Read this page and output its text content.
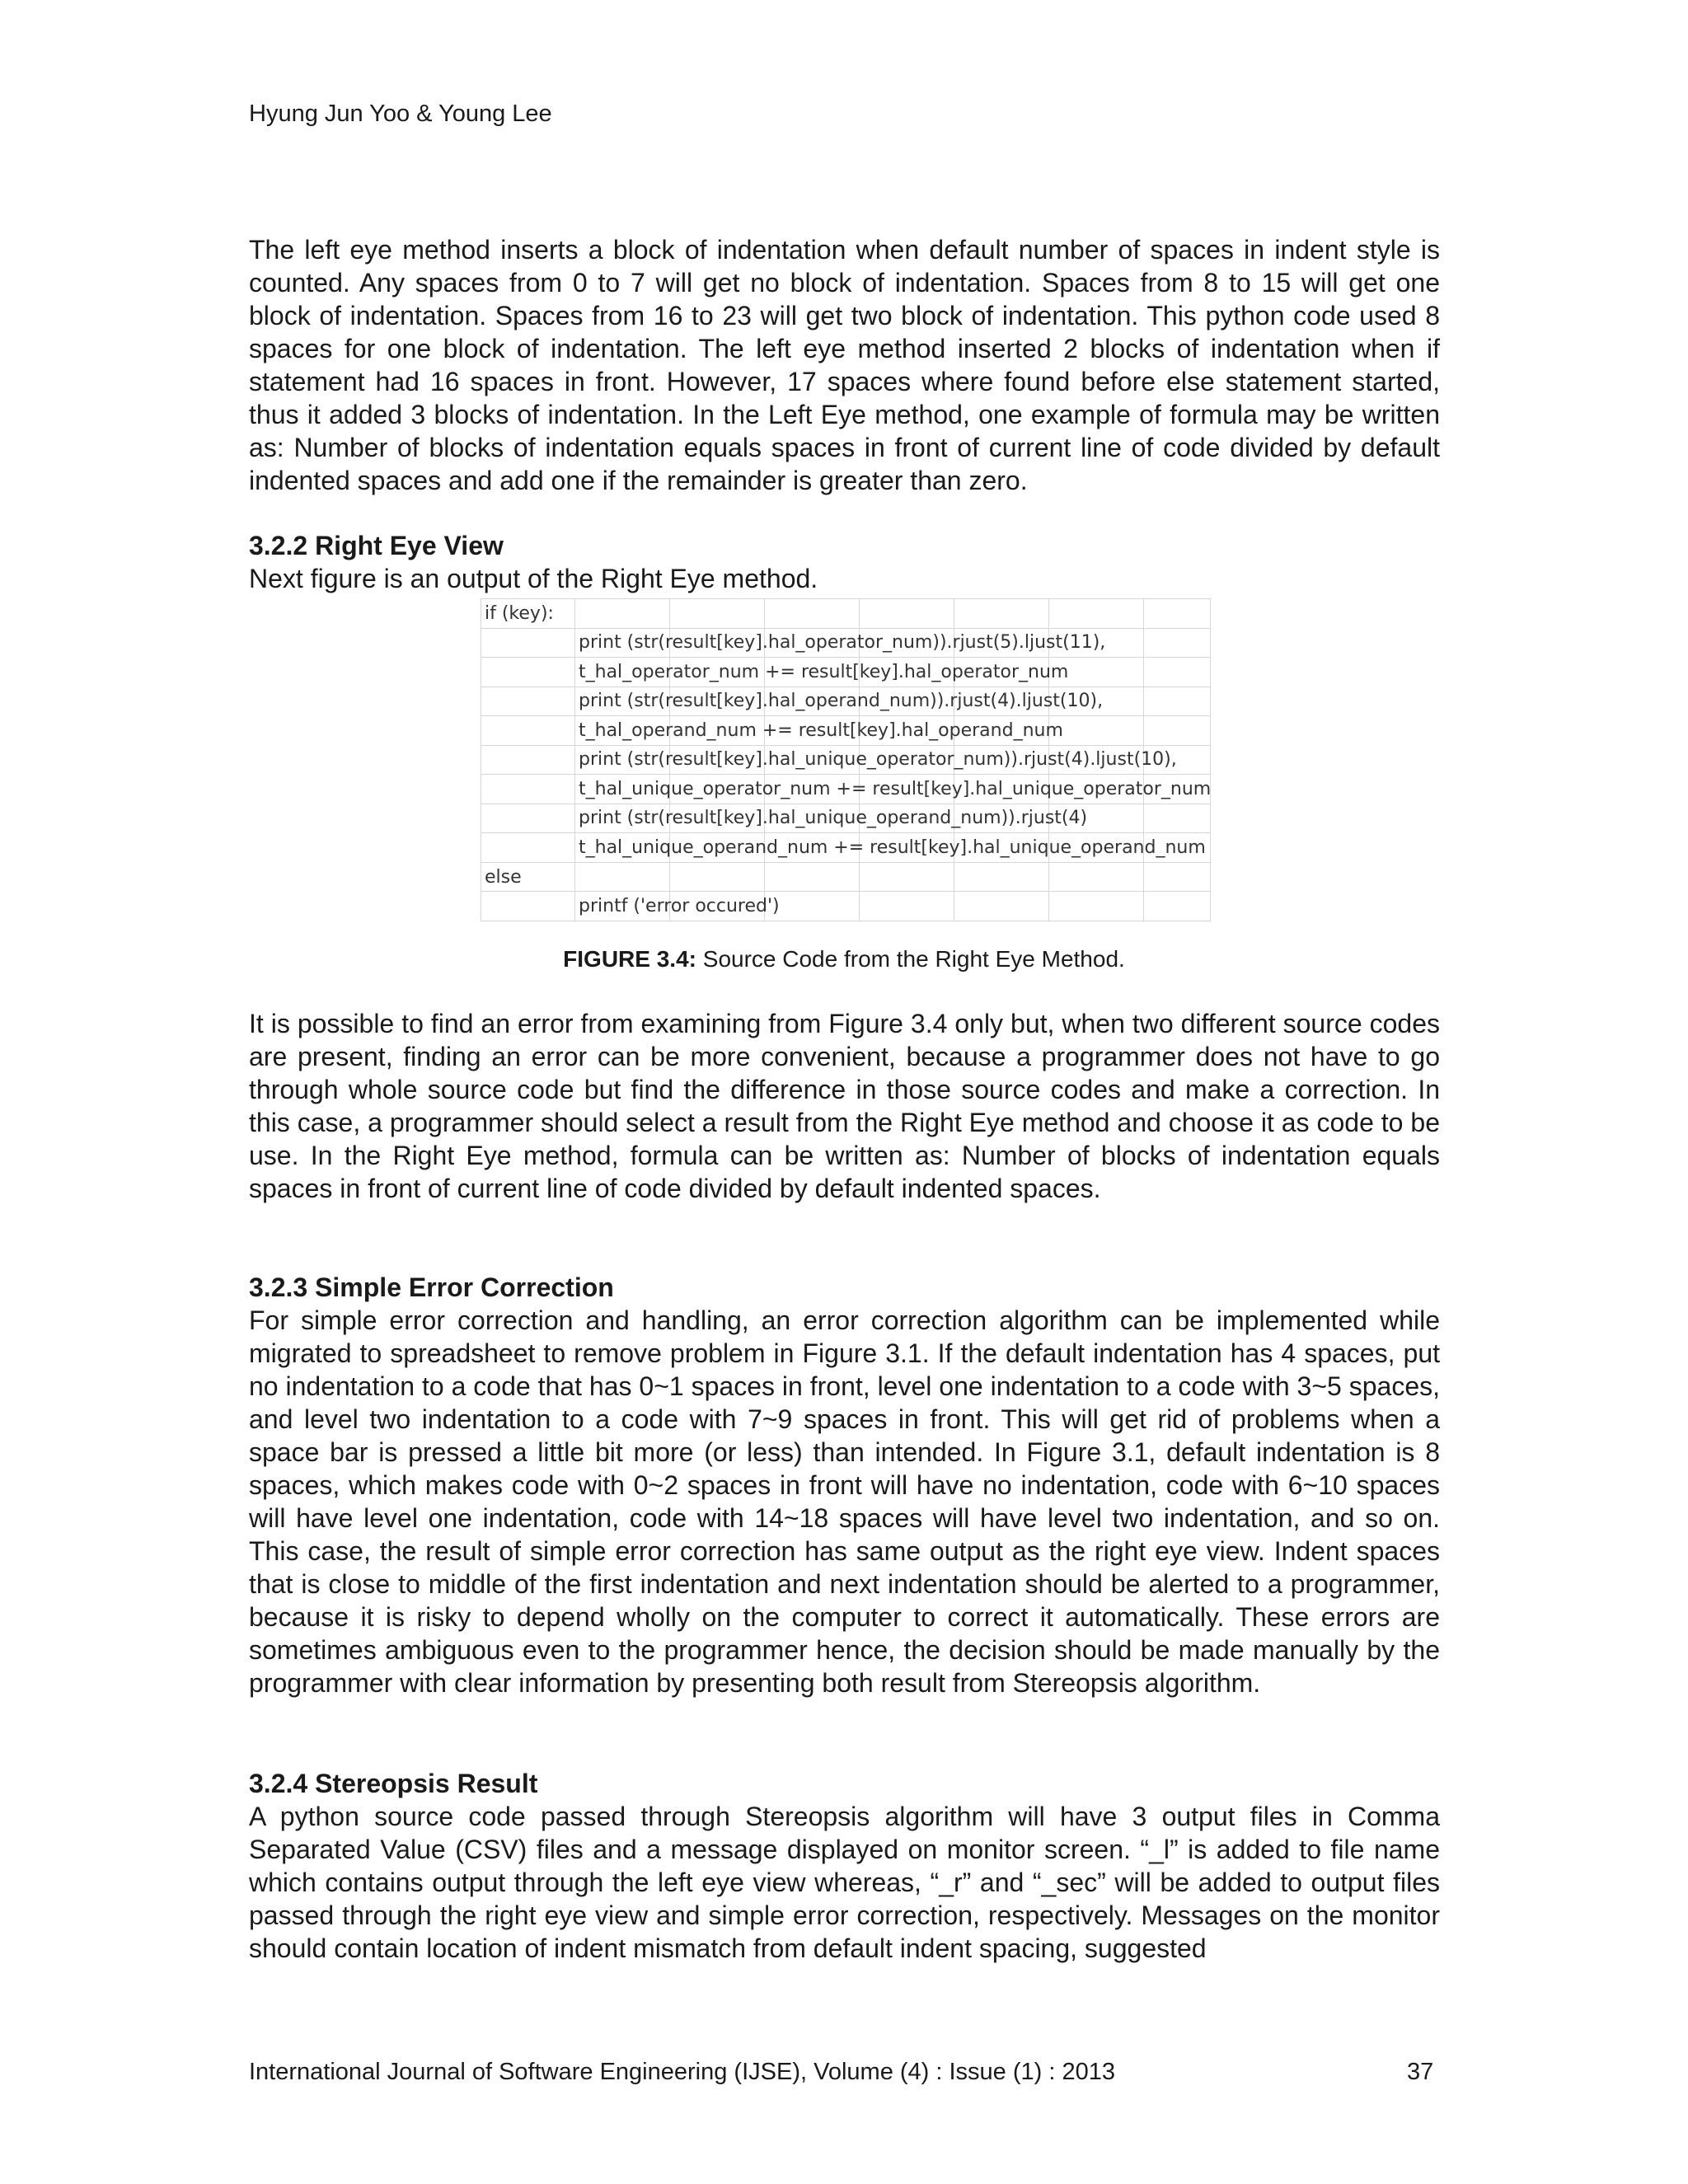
Hyung Jun Yoo & Young Lee

The left eye method inserts a block of indentation when default number of spaces in indent style is counted. Any spaces from 0 to 7 will get no block of indentation. Spaces from 8 to 15 will get one block of indentation. Spaces from 16 to 23 will get two block of indentation. This python code used 8 spaces for one block of indentation. The left eye method inserted 2 blocks of indentation when if statement had 16 spaces in front. However, 17 spaces where found before else statement started, thus it added 3 blocks of indentation. In the Left Eye method, one example of formula may be written as: Number of blocks of indentation equals spaces in front of current line of code divided by default indented spaces and add one if the remainder is greater than zero.

3.2.2 Right Eye View

Next figure is an output of the Right Eye method.

if (key):							
	print (str(result[key].hal_operator_num)).rjust(5).ljust(11),						
	t_hal_operator_num += result[key].hal_operator_num						
	print (str(result[key].hal_operand_num)).rjust(4).ljust(10),						
	t_hal_operand_num += result[key].hal_operand_num						
	print (str(result[key].hal_unique_operator_num)).rjust(4).ljust(10),						
	t_hal_unique_operator_num += result[key].hal_unique_operator_num						
	print (str(result[key].hal_unique_operand_num)).rjust(4)						
	t_hal_unique_operand_num += result[key].hal_unique_operand_num						
else							
	printf ('error occured')						
FIGURE 3.4: Source Code from the Right Eye Method.

It is possible to find an error from examining from Figure 3.4 only but, when two different source codes are present, finding an error can be more convenient, because a programmer does not have to go through whole source code but find the difference in those source codes and make a correction. In this case, a programmer should select a result from the Right Eye method and choose it as code to be use. In the Right Eye method, formula can be written as: Number of blocks of indentation equals spaces in front of current line of code divided by default indented spaces.

3.2.3 Simple Error Correction

For simple error correction and handling, an error correction algorithm can be implemented while migrated to spreadsheet to remove problem in Figure 3.1. If the default indentation has 4 spaces, put no indentation to a code that has 0~1 spaces in front, level one indentation to a code with 3~5 spaces, and level two indentation to a code with 7~9 spaces in front. This will get rid of problems when a space bar is pressed a little bit more (or less) than intended. In Figure 3.1, default indentation is 8 spaces, which makes code with 0~2 spaces in front will have no indentation, code with 6~10 spaces will have level one indentation, code with 14~18 spaces will have level two indentation, and so on. This case, the result of simple error correction has same output as the right eye view. Indent spaces that is close to middle of the first indentation and next indentation should be alerted to a programmer, because it is risky to depend wholly on the computer to correct it automatically. These errors are sometimes ambiguous even to the programmer hence, the decision should be made manually by the programmer with clear information by presenting both result from Stereopsis algorithm.

3.2.4 Stereopsis Result

A python source code passed through Stereopsis algorithm will have 3 output files in Comma Separated Value (CSV) files and a message displayed on monitor screen. “_l” is added to file name which contains output through the left eye view whereas, “_r” and “_sec” will be added to output files passed through the right eye view and simple error correction, respectively. Messages on the monitor should contain location of indent mismatch from default indent spacing, suggested

International Journal of Software Engineering (IJSE), Volume (4) : Issue (1) : 2013	37
